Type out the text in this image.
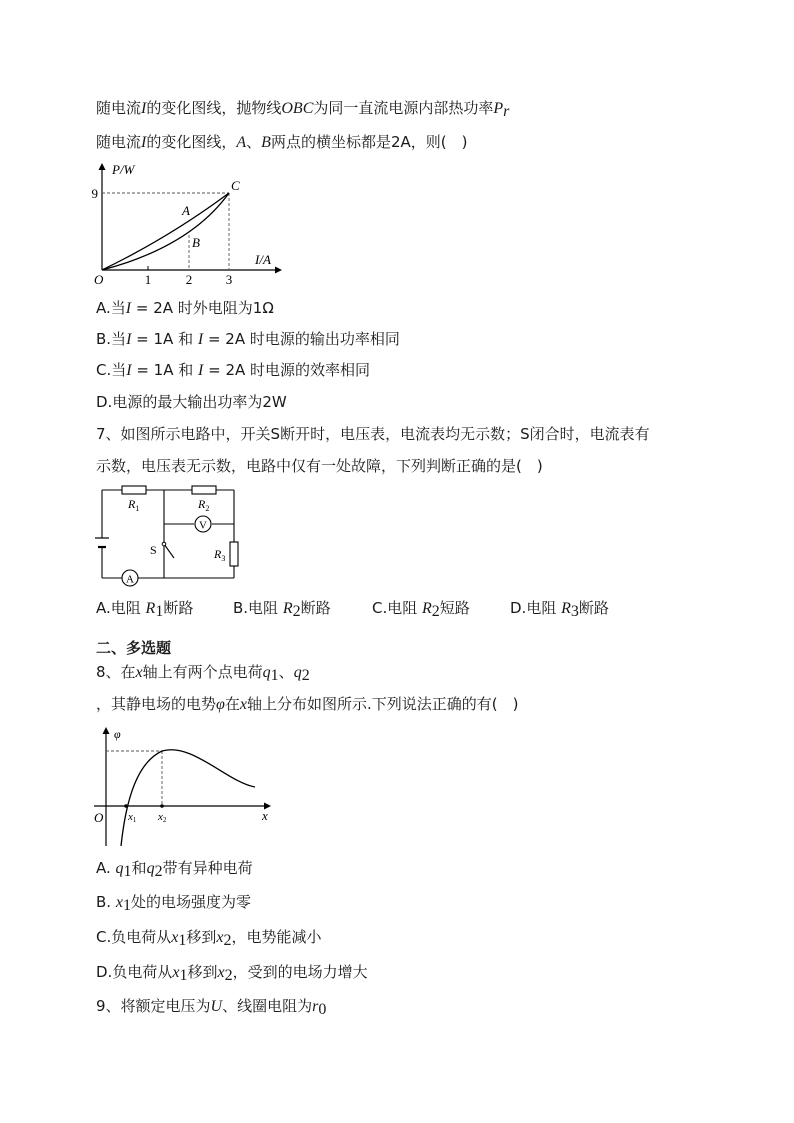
随电流I的变化图线，抛物线OBC为同一直流电源内部热功率$P_r$
随电流I的变化图线，A、B两点的横坐标都是2A，则(　)
P/W
I/A
O
9
1	2	3
C
A
B
A.当I = 2A 时外电阻为1Ω
B.当I = 1A 和 I = 2A 时电源的输出功率相同
C.当I = 1A 和 I = 2A 时电源的效率相同
D.电源的最大输出功率为2W
7、如图所示电路中，开关S断开时，电压表，电流表均无示数；S闭合时，电流表有
示数，电压表无示数，电路中仅有一处故障，下列判断正确的是(　)
V
A
$R_1$	$R_2$
$R_3$
S
A.电阻 $R_1$断路	B.电阻 $R_2$断路	C.电阻 $R_2$短路	D.电阻 $R_3$断路
二、多选题
8、在x轴上有两个点电荷$q_1$、$q_2$
，其静电场的电势φ在x轴上分布如图所示.下列说法正确的有(　)
φ
x
O x1 x2
A. $q_1$和$q_2$带有异种电荷
B. $x_1$处的电场强度为零
C.负电荷从$x_1$移到$x_2$，电势能减小
D.负电荷从$x_1$移到$x_2$，受到的电场力增大
9、将额定电压为U、线圈电阻为$r_0$
